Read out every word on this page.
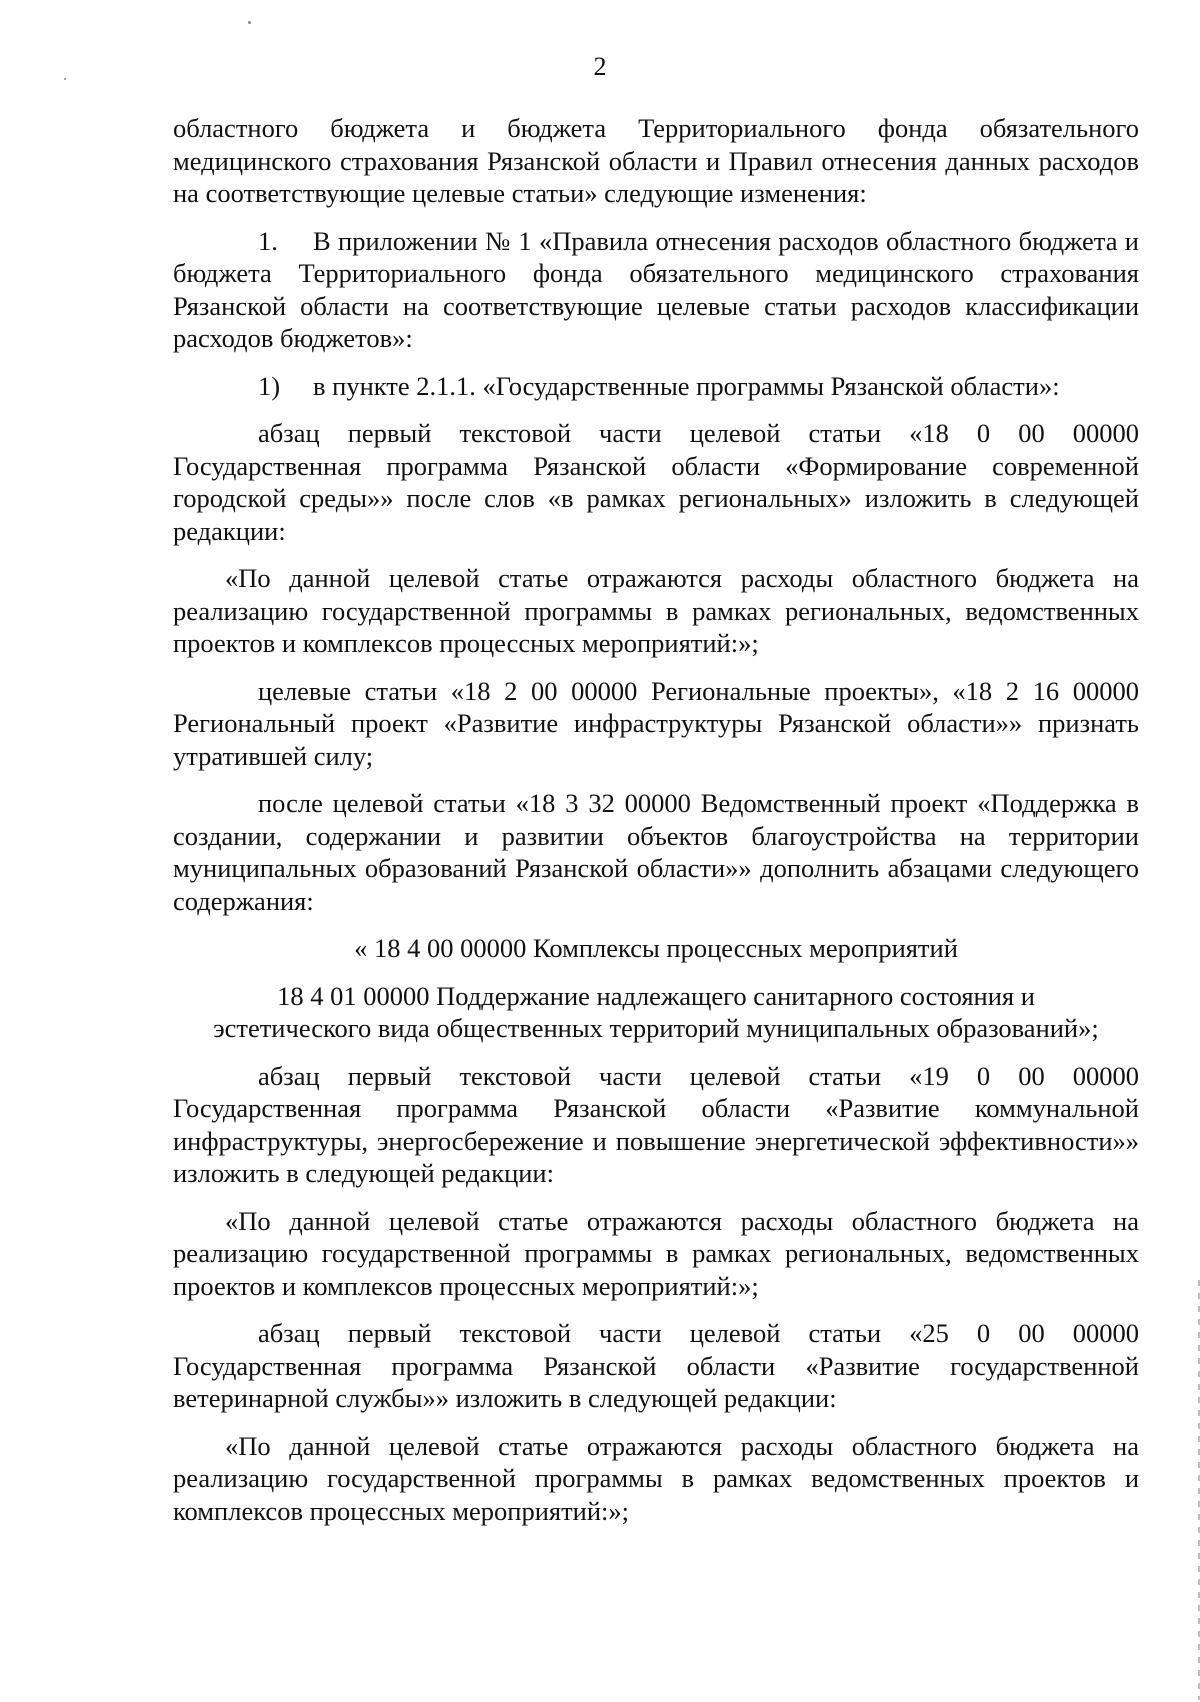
2

областного бюджета и бюджета Территориального фонда обязательного медицинского страхования Рязанской области и Правил отнесения данных расходов на соответствующие целевые статьи» следующие изменения:

1. В приложении № 1 «Правила отнесения расходов областного бюджета и бюджета Территориального фонда обязательного медицинского страхования Рязанской области на соответствующие целевые статьи расходов классификации расходов бюджетов»:

1) в пункте 2.1.1. «Государственные программы Рязанской области»:

абзац первый текстовой части целевой статьи «18 0 00 00000 Государственная программа Рязанской области «Формирование современной городской среды»» после слов «в рамках региональных» изложить в следующей редакции:

«По данной целевой статье отражаются расходы областного бюджета на реализацию государственной программы в рамках региональных, ведомственных проектов и комплексов процессных мероприятий:»;

целевые статьи «18 2 00 00000 Региональные проекты», «18 2 16 00000 Региональный проект «Развитие инфраструктуры Рязанской области»» признать утратившей силу;

после целевой статьи «18 3 32 00000 Ведомственный проект «Поддержка в создании, содержании и развитии объектов благоустройства на территории муниципальных образований Рязанской области»» дополнить абзацами следующего содержания:

« 18 4 00 00000 Комплексы процессных мероприятий

18 4 01 00000 Поддержание надлежащего санитарного состояния и
эстетического вида общественных территорий муниципальных образований»;

абзац первый текстовой части целевой статьи «19 0 00 00000 Государственная программа Рязанской области «Развитие коммунальной инфраструктуры, энергосбережение и повышение энергетической эффективности»» изложить в следующей редакции:

«По данной целевой статье отражаются расходы областного бюджета на реализацию государственной программы в рамках региональных, ведомственных проектов и комплексов процессных мероприятий:»;

абзац первый текстовой части целевой статьи «25 0 00 00000 Государственная программа Рязанской области «Развитие государственной ветеринарной службы»» изложить в следующей редакции:

«По данной целевой статье отражаются расходы областного бюджета на реализацию государственной программы в рамках ведомственных проектов и комплексов процессных мероприятий:»;
